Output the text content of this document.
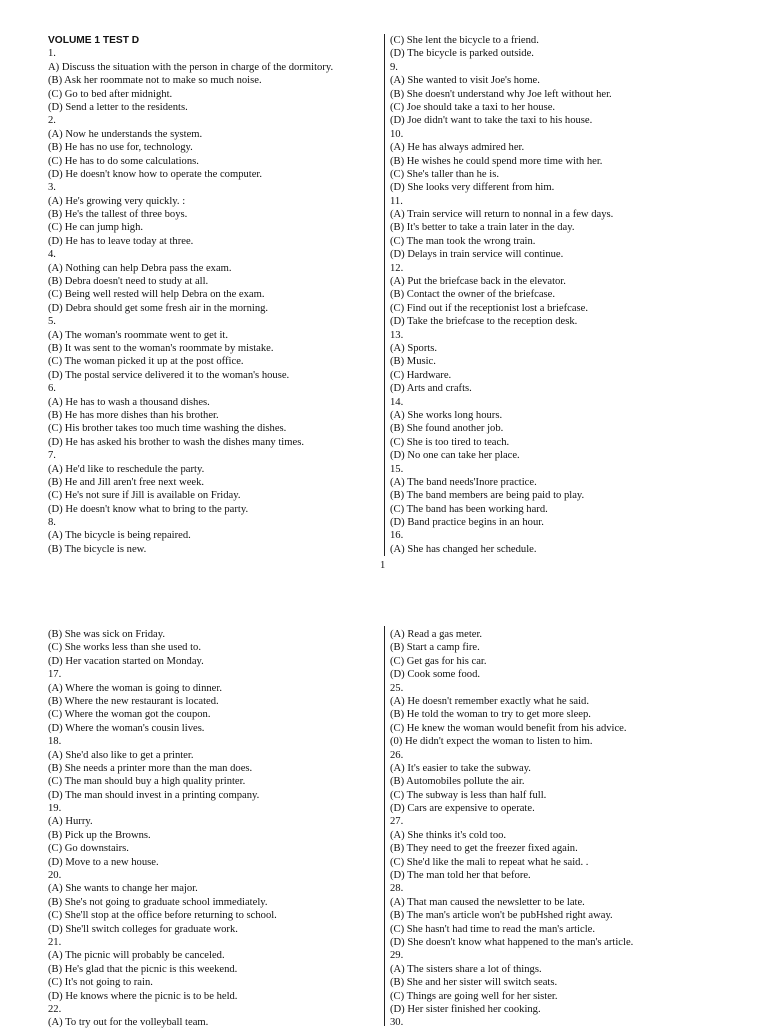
VOLUME 1 TEST D
1.
A) Discuss the situation with the person in charge of the dormitory.
(B) Ask her roommate not to make so much noise.
(C) Go to bed after midnight.
(D) Send a letter to the residents.
2.
(A) Now he understands the system.
(B) He has no use for, technology.
(C) He has to do some calculations.
(D) He doesn't know how to operate the computer.
3.
(A) He's growing very quickly. :
(B) He's the tallest of three boys.
(C) He can jump high.
(D) He has to leave today at three.
4.
(A) Nothing can help Debra pass the exam.
(B) Debra doesn't need to study at all.
(C) Being well rested will help Debra on the exam.
(D) Debra should get some fresh air in the morning.
5.
(A) The woman's roommate went to get it.
(B) It was sent to the woman's roommate by mistake.
(C) The woman picked it up at the post office.
(D) The postal service delivered it to the woman's house.
6.
(A) He has to wash a thousand dishes.
(B) He has more dishes than his brother.
(C) His brother takes too much time washing the dishes.
(D) He has asked his brother to wash the dishes many times.
7.
(A) He'd like to reschedule the party.
(B) He and Jill aren't free next week.
(C) He's not sure if Jill is available on Friday.
(D) He doesn't know what to bring to the party.
8.
(A) The bicycle is being repaired.
(B) The bicycle is new.
(C) She lent the bicycle to a friend.
(D) The bicycle is parked outside.
9.
(A) She wanted to visit Joe's home.
(B) She doesn't understand why Joe left without her.
(C) Joe should take a taxi to her house.
(D) Joe didn't want to take the taxi to his house.
10.
(A) He has always admired her.
(B) He wishes he could spend more time with her.
(C) She's taller than he is.
(D) She looks very different from him.
11.
(A) Train service will return to nonnal in a few days.
(B) It's better to take a train later in the day.
(C) The man took the wrong train.
(D) Delays in train service will continue.
12.
(A) Put the briefcase back in the elevator.
(B) Contact the owner of the briefcase.
(C) Find out if the receptionist lost a briefcase.
(D) Take the briefcase to the reception desk.
13.
(A) Sports.
(B) Music.
(C) Hardware.
(D) Arts and crafts.
14.
(A) She works long hours.
(B) She found another job.
(C) She is too tired to teach.
(D) No one can take her place.
15.
(A) The band needs'Inore practice.
(B) The band members are being paid to play.
(C) The band has been working hard.
(D) Band practice begins in an hour.
16.
(A) She has changed her schedule.
1
(B) She was sick on Friday.
(C) She works less than she used to.
(D) Her vacation started on Monday.
17.
(A) Where the woman is going to dinner.
(B) Where the new restaurant is located.
(C) Where the woman got the coupon.
(D) Where the woman's cousin lives.
18.
(A) She'd also like to get a printer.
(B) She needs a printer more than the man does.
(C) The man should buy a high quality printer.
(D) The man should invest in a printing company.
19.
(A) Hurry.
(B) Pick up the Browns.
(C) Go downstairs.
(D) Move to a new house.
20.
(A) She wants to change her major.
(B) She's not going to graduate school immediately.
(C) She'll stop at the office before returning to school.
(D) She'll switch colleges for graduate work.
21.
(A) The picnic will probably be canceled.
(B) He's glad that the picnic is this weekend.
(C) It's not going to rain.
(D) He knows where the picnic is to be held.
22.
(A) To try out for the volleyball team.
(A) Read a gas meter.
(B) Start a camp fire.
(C) Get gas for his car.
(D) Cook some food.
25.
(A) He doesn't remember exactly what he said.
(B) He told the woman to try to get more sleep.
(C) He knew the woman would benefit from his advice.
(0) He didn't expect the woman to listen to him.
26.
(A) It's easier to take the subway.
(B) Automobiles pollute the air.
(C) The subway is less than half full.
(D) Cars are expensive to operate.
27.
(A) She thinks it's cold too.
(B) They need to get the freezer fixed again.
(C) She'd like the mali to repeat what he said. .
(D) The man told her that before.
28.
(A) That man caused the newsletter to be late.
(B) The man's article won't be pubHshed right away.
(C) She hasn't had time to read the man's article.
(D) She doesn't know what happened to the man's article.
29.
(A) The sisters share a lot of things.
(B) She and her sister will switch seats.
(C) Things are going well for her sister.
(D) Her sister finished her cooking.
30.
